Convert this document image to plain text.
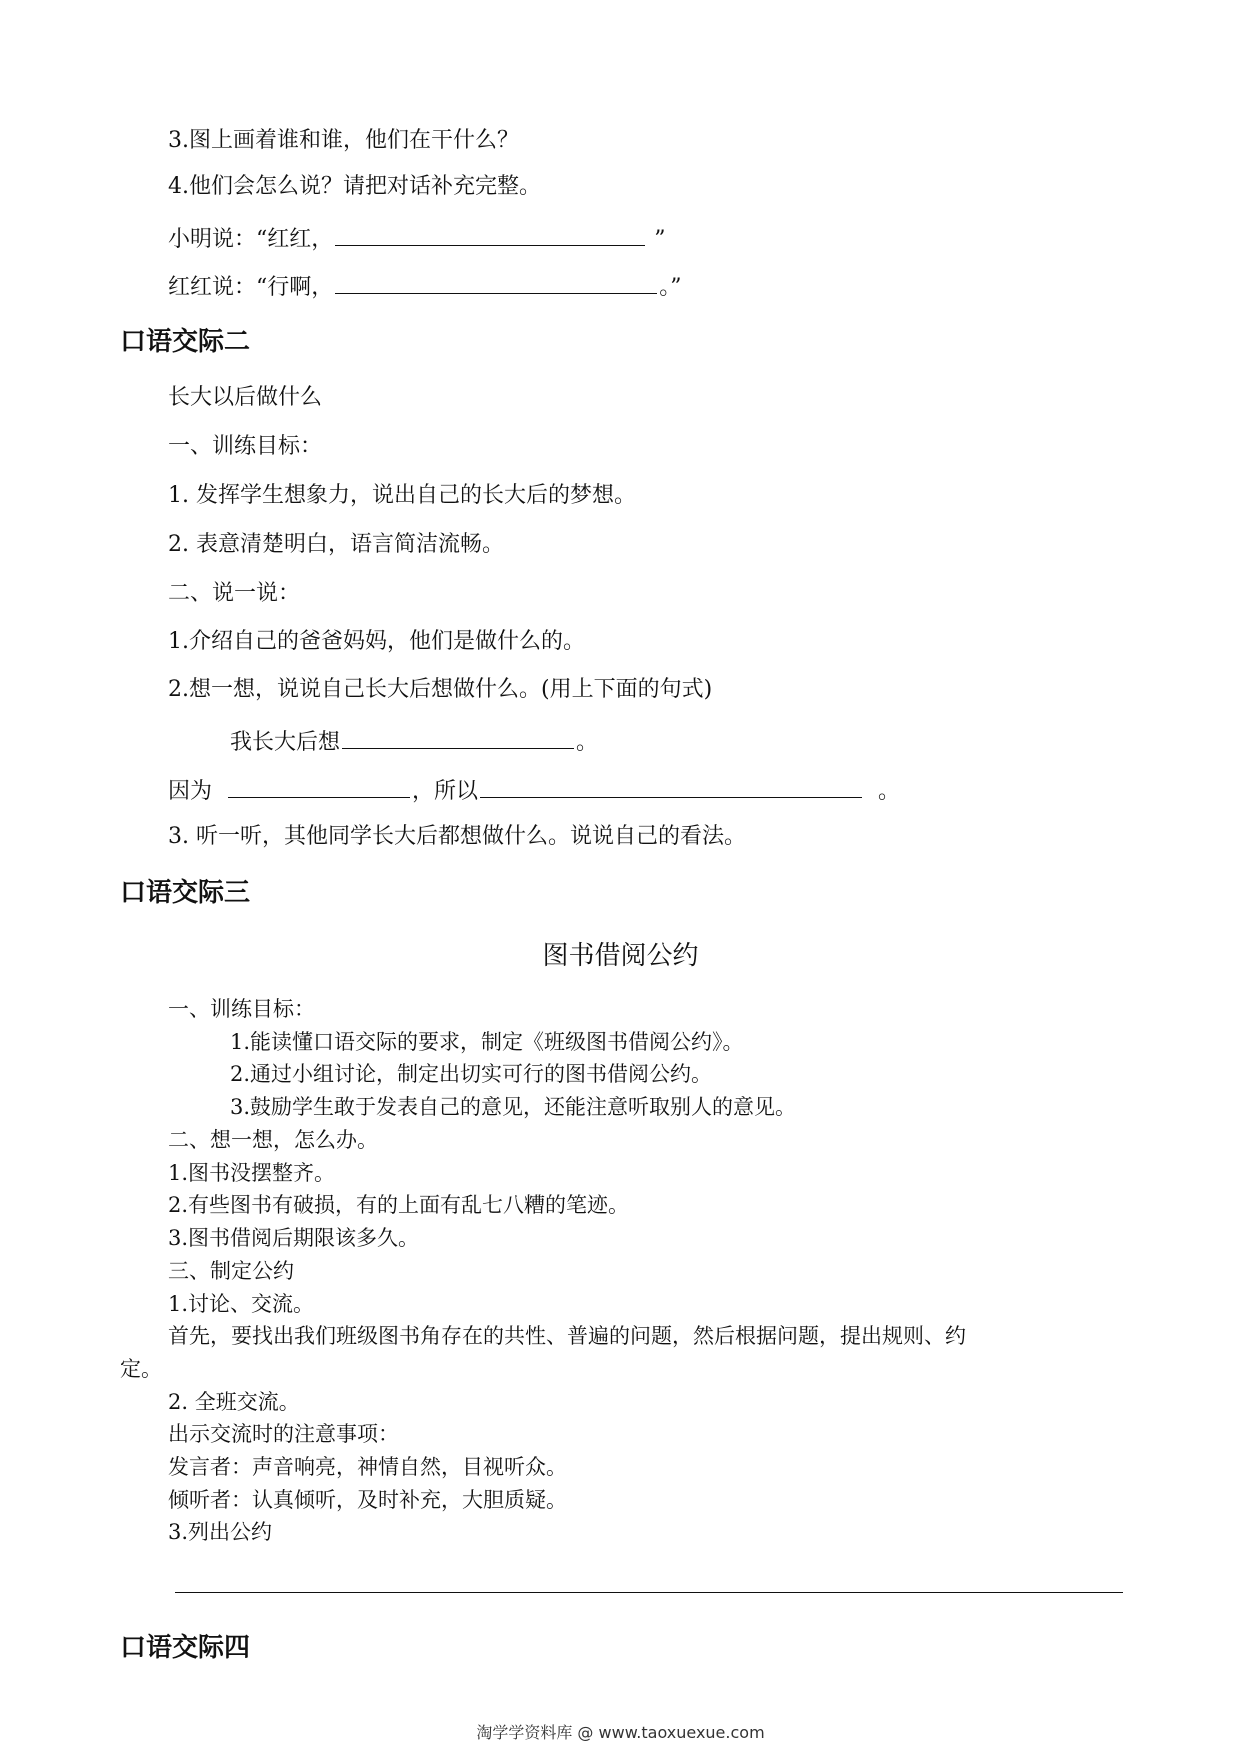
3.图上画着谁和谁，他们在干什么？
4.他们会怎么说？请把对话补充完整。
小明说：“红红，	”
红红说：“行啊，	。”
口语交际二
长大以后做什么
一、训练目标：
1. 发挥学生想象力，说出自己的长大后的梦想。
2. 表意清楚明白，语言简洁流畅。
二、说一说：
1.介绍自己的爸爸妈妈，他们是做什么的。
2.想一想，说说自己长大后想做什么。(用上下面的句式)
我长大后想	。
因为	，所以	。
3. 听一听，其他同学长大后都想做什么。说说自己的看法。
口语交际三
图书借阅公约
一、训练目标：
1.能读懂口语交际的要求，制定《班级图书借阅公约》。
2.通过小组讨论，制定出切实可行的图书借阅公约。
3.鼓励学生敢于发表自己的意见，还能注意听取别人的意见。
二、想一想，怎么办。
1.图书没摆整齐。
2.有些图书有破损，有的上面有乱七八糟的笔迹。
3.图书借阅后期限该多久。
三、制定公约
1.讨论、交流。
首先，要找出我们班级图书角存在的共性、普遍的问题，然后根据问题，提出规则、约
定。
2. 全班交流。
出示交流时的注意事项：
发言者：声音响亮，神情自然，目视听众。
倾听者：认真倾听，及时补充，大胆质疑。
3.列出公约
口语交际四
淘学学资料库 @ www.taoxuexue.com
